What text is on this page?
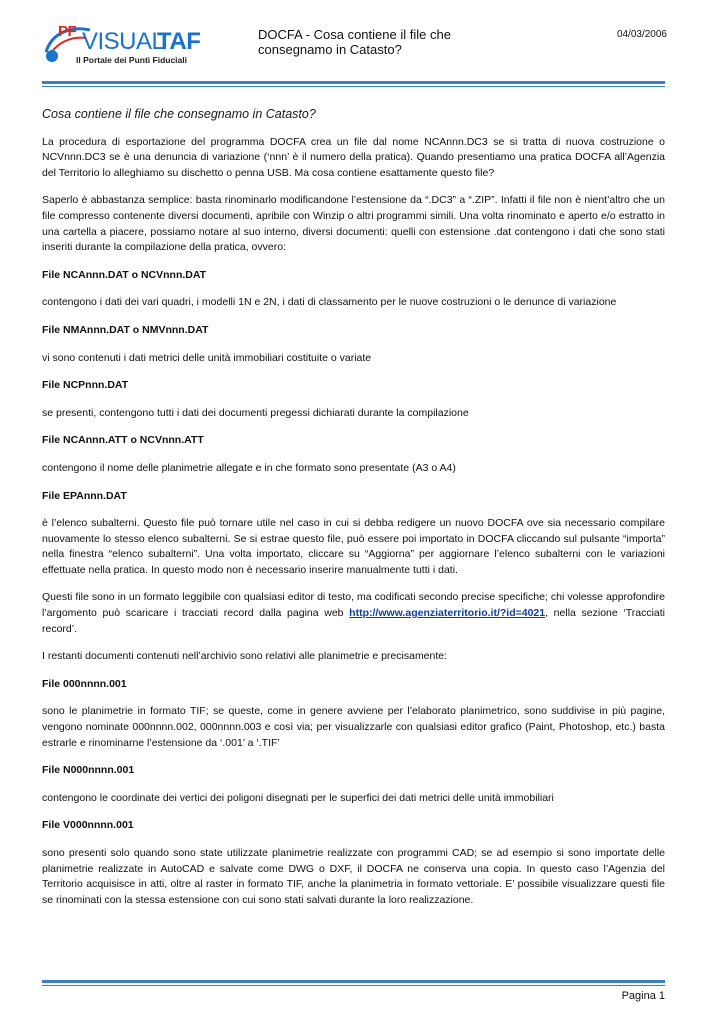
PF VISUAL
TAF
Il Portale dei Punti Fiduciali
DOCFA - Cosa contiene il file che consegnamo in Catasto?
04/03/2006

Cosa contiene il file che consegnamo in Catasto?

La procedura di esportazione del programma DOCFA crea un file dal nome NCAnnn.DC3 se si tratta di nuova costruzione o NCVnnn.DC3 se è una denuncia di variazione (‘nnn’ è il numero della pratica). Quando presentiamo una pratica DOCFA all’Agenzia del Territorio lo alleghiamo su dischetto o penna USB. Ma cosa contiene esattamente questo file?

Saperlo è abbastanza semplice: basta rinominarlo modificandone l’estensione da “.DC3” a “.ZIP”. Infatti il file non è nient’altro che un file compresso contenente diversi documenti, apribile con Winzip o altri programmi simili. Una volta rinominato e aperto e/o estratto in una cartella a piacere, possiamo notare al suo interno, diversi documenti: quelli con estensione .dat contengono i dati che sono stati inseriti durante la compilazione della pratica, ovvero:

File NCAnnn.DAT o NCVnnn.DAT

contengono i dati dei vari quadri, i modelli 1N e 2N, i dati di classamento per le nuove costruzioni o le denunce di variazione

File NMAnnn.DAT o NMVnnn.DAT

vi sono contenuti i dati metrici delle unità immobiliari costituite o variate

File NCPnnn.DAT

se presenti, contengono tutti i dati dei documenti pregessi dichiarati durante la compilazione

File NCAnnn.ATT o NCVnnn.ATT

contengono il nome delle planimetrie allegate e in che formato sono presentate (A3 o A4)

File EPAnnn.DAT

è l’elenco subalterni. Questo file può tornare utile nel caso in cui si debba redigere un nuovo DOCFA ove sia necessario compilare nuovamente lo stesso elenco subalterni. Se si estrae questo file, può essere poi importato in DOCFA cliccando sul pulsante “importa” nella finestra “elenco subalterni”. Una volta importato, cliccare su “Aggiorna” per aggiornare l’elenco subalterni con le variazioni effettuate nella pratica. In questo modo non è necessario inserire manualmente tutti i dati.

Questi file sono in un formato leggibile con qualsiasi editor di testo, ma codificati secondo precise specifiche; chi volesse approfondire l’argomento può scaricare i tracciati record dalla pagina web http://www.agenziaterritorio.it/?id=4021, nella sezione ‘Tracciati record’.

I restanti documenti contenuti nell’archivio sono relativi alle planimetrie e precisamente:

File 000nnnn.001

sono le planimetrie in formato TIF; se queste, come in genere avviene per l’elaborato planimetrico, sono suddivise in più pagine, vengono nominate 000nnnn.002, 000nnnn.003 e così via; per visualizzarle con qualsiasi editor grafico (Paint, Photoshop, etc.) basta estrarle e rinominarne l’estensione da ‘.001’ a ‘.TIF’

File N000nnnn.001

contengono le coordinate dei vertici dei poligoni disegnati per le superfici dei dati metrici delle unità immobiliari

File V000nnnn.001

sono presenti solo quando sono state utilizzate planimetrie realizzate con programmi CAD; se ad esempio si sono importate delle planimetrie realizzate in AutoCAD e salvate come DWG o DXF, il DOCFA ne conserva una copia. In questo caso l’Agenzia del Territorio acquisisce in atti, oltre al raster in formato TIF, anche la planimetria in formato vettoriale. E’ possibile visualizzare questi file se rinominati con la stessa estensione con cui sono stati salvati durante la loro realizzazione.

Pagina 1
